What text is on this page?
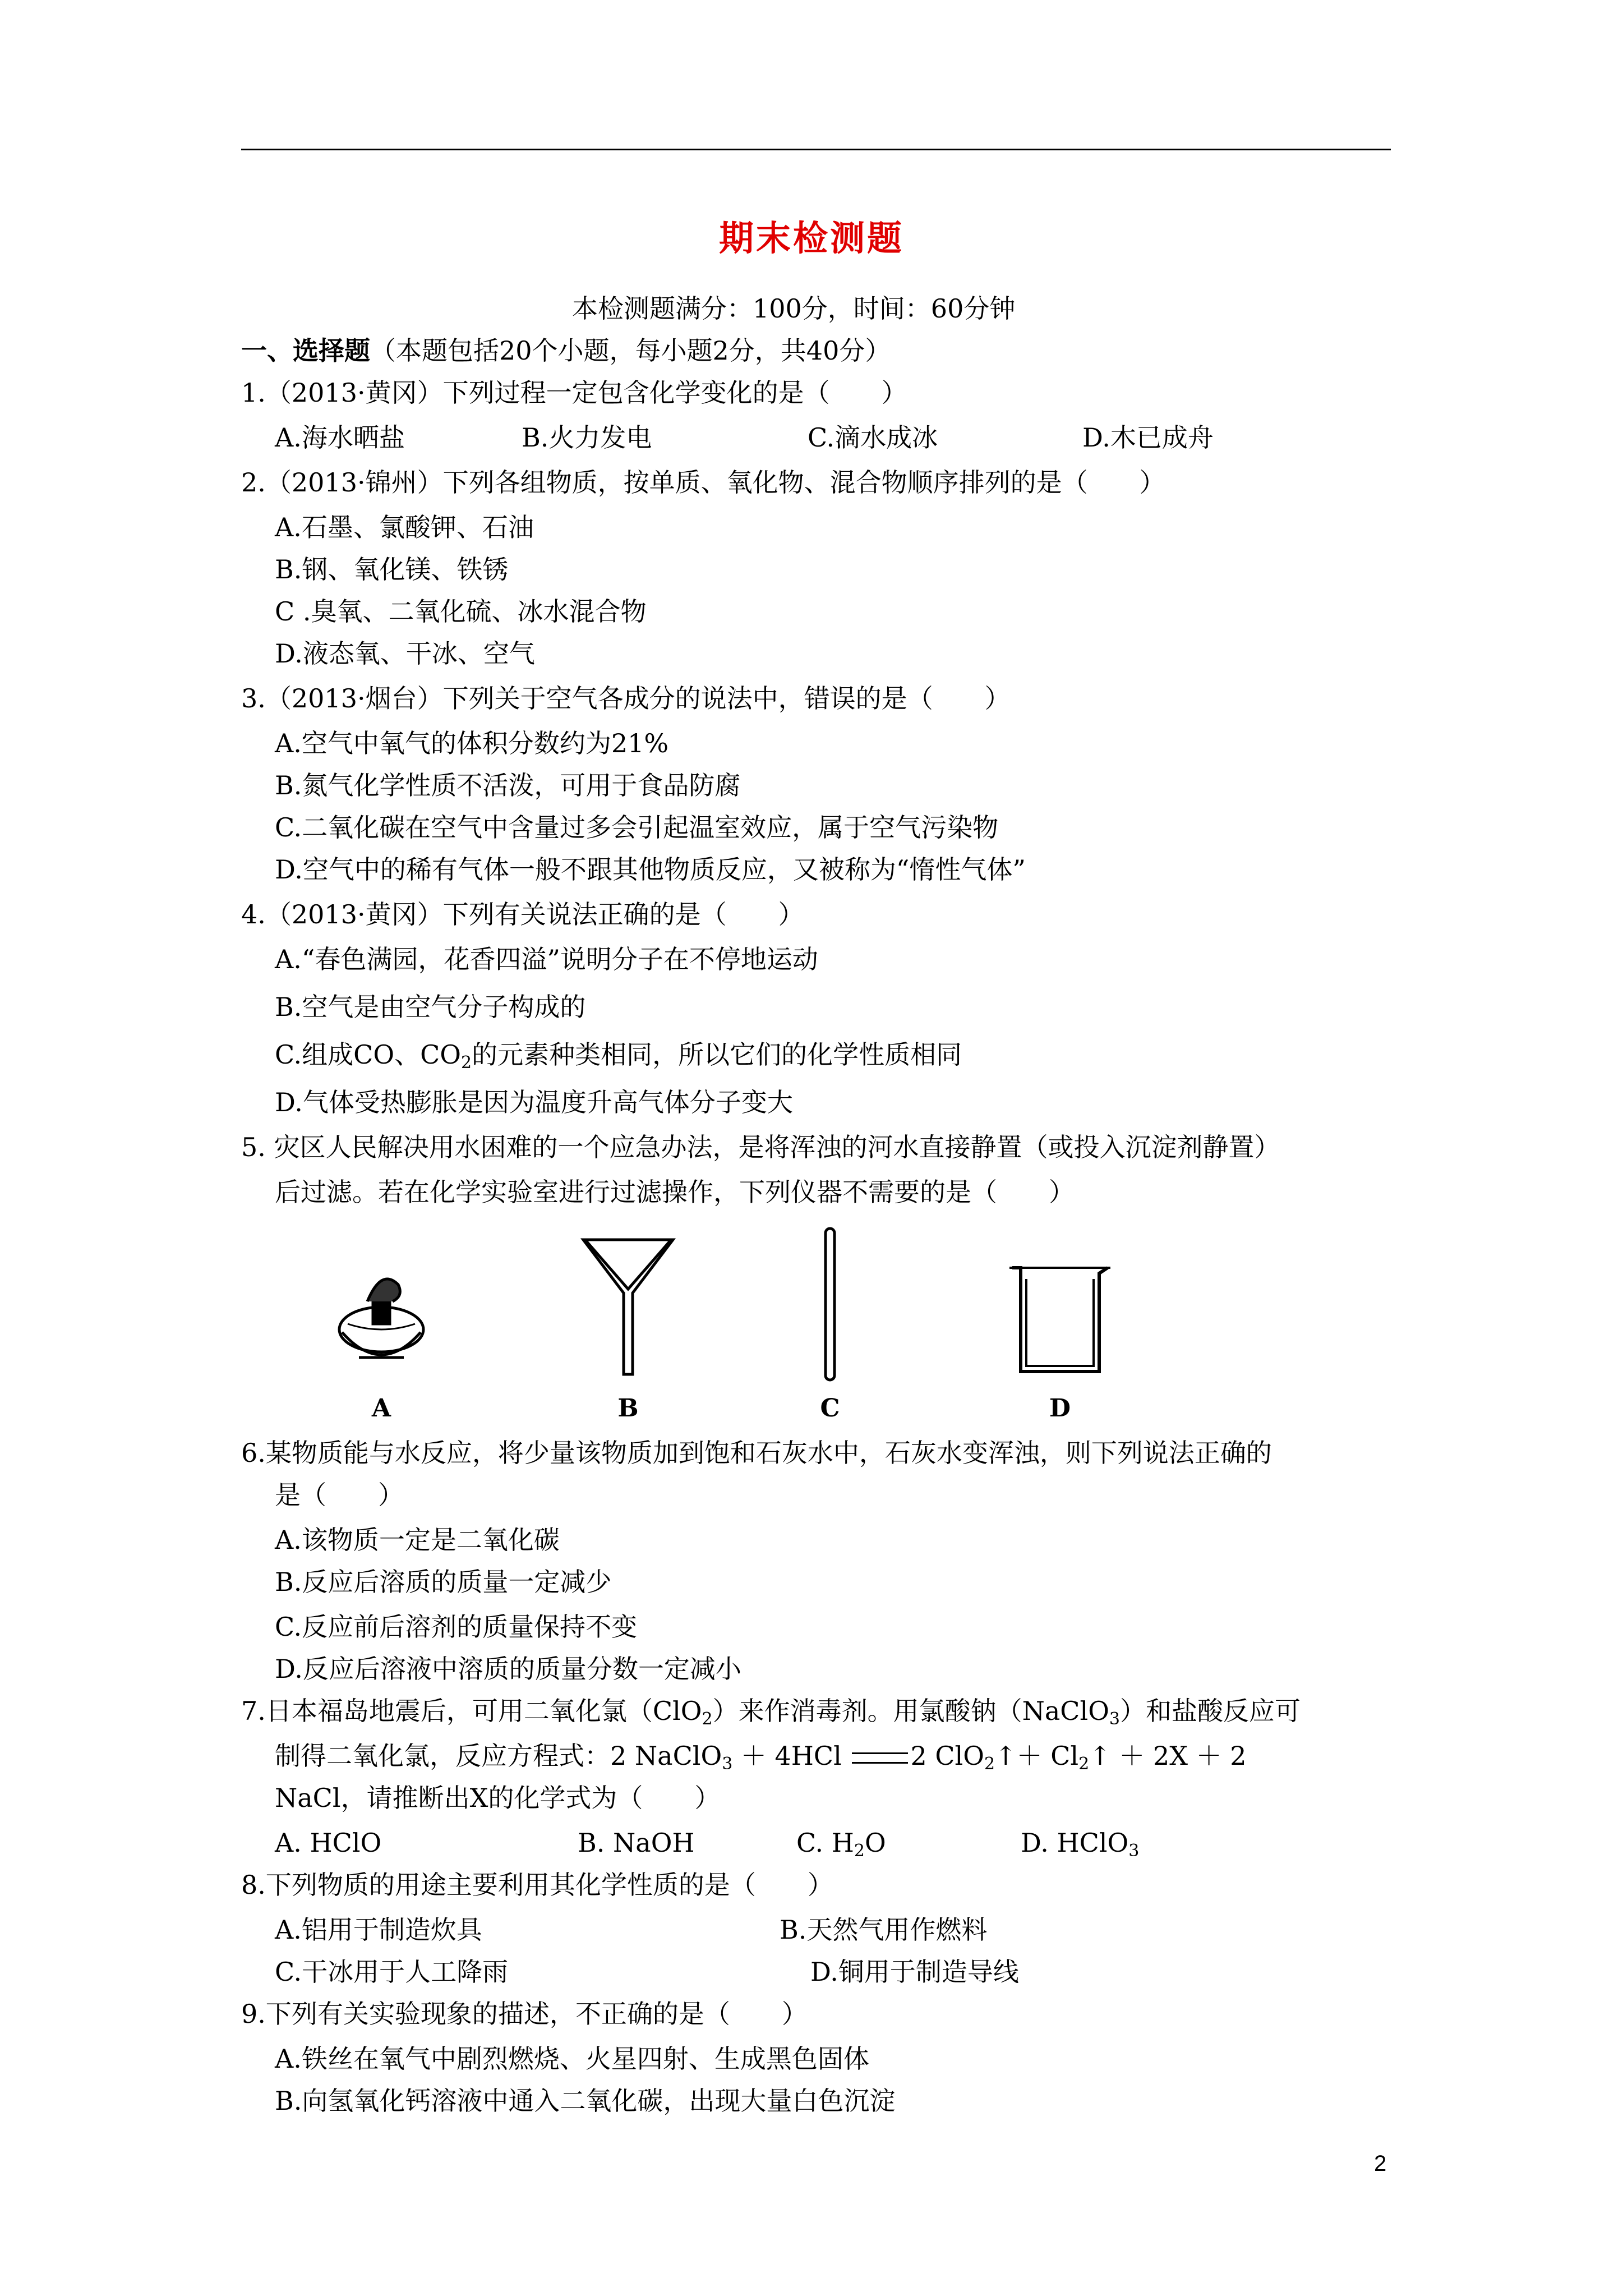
期末检测题
本检测题满分：100分，时间：60分钟
一、选择题（本题包括20个小题，每小题2分，共40分）
1.（2013·黄冈）下列过程一定包含化学变化的是（　　）
A.海水晒盐	B.火力发电	C.滴水成冰	D.木已成舟
2.（2013·锦州）下列各组物质，按单质、氧化物、混合物顺序排列的是（　　）
A.石墨、氯酸钾、石油
B.钢、氧化镁、铁锈
C .臭氧、二氧化硫、冰水混合物
D.液态氧、干冰、空气
3.（2013·烟台）下列关于空气各成分的说法中，错误的是（　　）
A.空气中氧气的体积分数约为21%
B.氮气化学性质不活泼，可用于食品防腐
C.二氧化碳在空气中含量过多会引起温室效应，属于空气污染物
D.空气中的稀有气体一般不跟其他物质反应，又被称为“惰性气体”
4.（2013·黄冈）下列有关说法正确的是（　　）
A.“春色满园，花香四溢”说明分子在不停地运动
B.空气是由空气分子构成的
C.组成CO、$CO_2$的元素种类相同，所以它们的化学性质相同
D.气体受热膨胀是因为温度升高气体分子变大
5. 灾区人民解决用水困难的一个应急办法，是将浑浊的河水直接静置（或投入沉淀剂静置）
后过滤。若在化学实验室进行过滤操作，下列仪器不需要的是（　　）
A	B	C	D
6.某物质能与水反应，将少量该物质加到饱和石灰水中，石灰水变浑浊，则下列说法正确的
是（　　）
A.该物质一定是二氧化碳
B.反应后溶质的质量一定减少
C.反应前后溶剂的质量保持不变
D.反应后溶液中溶质的质量分数一定减小
7.日本福岛地震后，可用二氧化氯（ClO$_2$）来作消毒剂。用氯酸钠（NaClO$_3$）和盐酸反应可
制得二氧化氯，反应方程式：2 NaClO$_3$ ＋ 4HCl 2 ClO$_2$↑＋ $Cl_2↑ + 2X + 2$
NaCl，请推断出X的化学式为（　　）
A. HClO	B. NaOH	C. $H_2O$	D. HClO$_3$
8.下列物质的用途主要利用其化学性质的是（　　）
A.铝用于制造炊具	B.天然气用作燃料
C.干冰用于人工降雨	D.铜用于制造导线
9.下列有关实验现象的描述，不正确的是（　　）
A.铁丝在氧气中剧烈燃烧、火星四射、生成黑色固体
B.向氢氧化钙溶液中通入二氧化碳，出现大量白色沉淀
2
